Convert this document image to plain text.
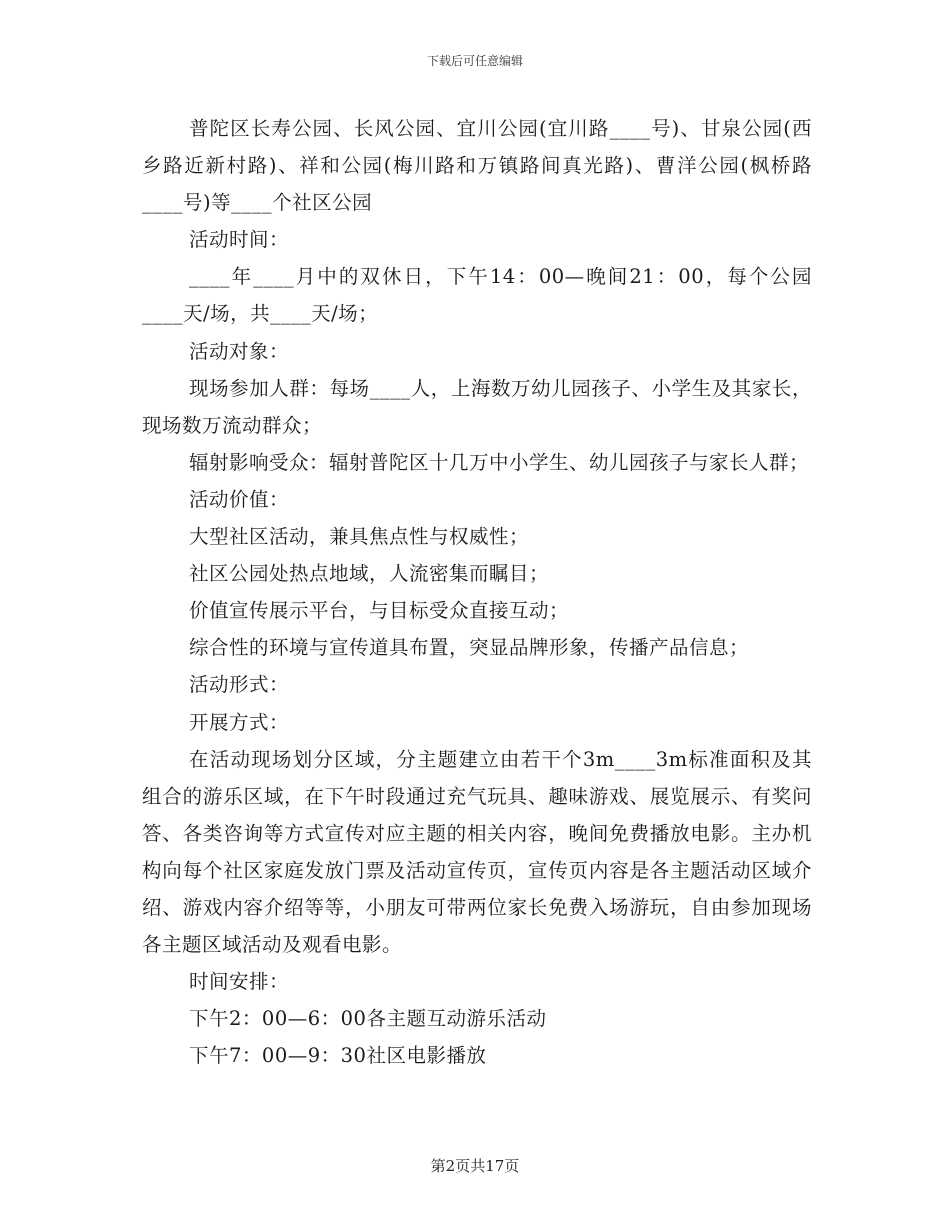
下载后可任意编辑

普陀区长寿公园、长风公园、宜川公园(宜川路____号)、甘泉公园(西乡路近新村路)、祥和公园(梅川路和万镇路间真光路)、曹洋公园(枫桥路____号)等____个社区公园

活动时间：

____年____月中的双休日，下午14：00—晚间21：00，每个公园____天/场，共____天/场；

活动对象：

现场参加人群：每场____人，上海数万幼儿园孩子、小学生及其家长，现场数万流动群众；

辐射影响受众：辐射普陀区十几万中小学生、幼儿园孩子与家长人群；

活动价值：

大型社区活动，兼具焦点性与权威性；

社区公园处热点地域，人流密集而瞩目；

价值宣传展示平台，与目标受众直接互动；

综合性的环境与宣传道具布置，突显品牌形象，传播产品信息；

活动形式：

开展方式：

在活动现场划分区域，分主题建立由若干个3m____3m标准面积及其组合的游乐区域，在下午时段通过充气玩具、趣味游戏、展览展示、有奖问答、各类咨询等方式宣传对应主题的相关内容，晚间免费播放电影。主办机构向每个社区家庭发放门票及活动宣传页，宣传页内容是各主题活动区域介绍、游戏内容介绍等等，小朋友可带两位家长免费入场游玩，自由参加现场各主题区域活动及观看电影。

时间安排：

下午2：00—6：00各主题互动游乐活动

下午7：00—9：30社区电影播放

第2页共17页
